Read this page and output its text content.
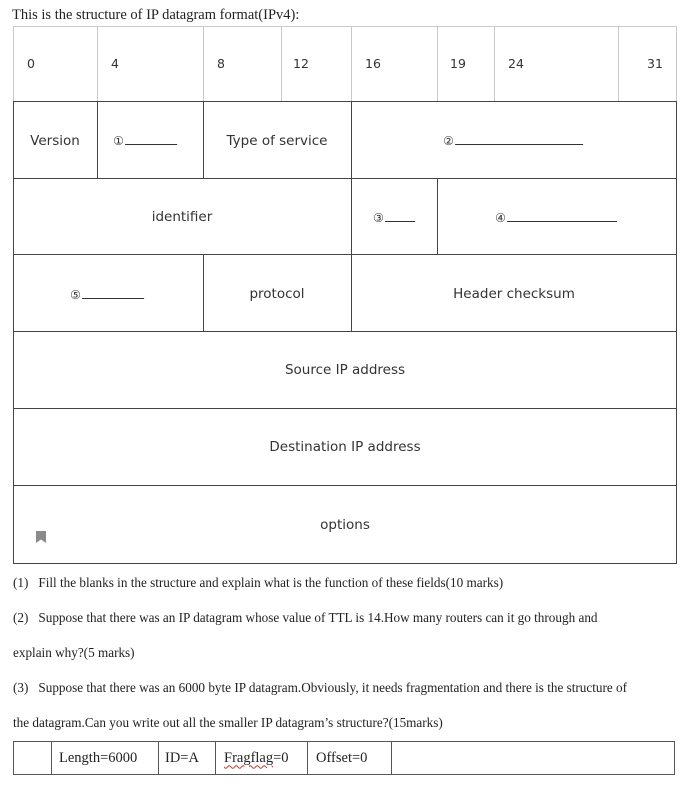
This is the structure of IP datagram format(IPv4):
0	4	8	12	16	19	24	31
Version	①	Type of service	②
identifier	③	④
⑤	protocol	Header checksum
Source IP address
Destination IP address
options
(1) Fill the blanks in the structure and explain what is the function of these fields(10 marks)
(2) Suppose that there was an IP datagram whose value of TTL is 14.How many routers can it go through and
explain why?(5 marks)
(3) Suppose that there was an 6000 byte IP datagram.Obviously, it needs fragmentation and there is the structure of
the datagram.Can you write out all the smaller IP datagram’s structure?(15marks)
Length=6000 ID=A Fragflag =0 Offset=0
